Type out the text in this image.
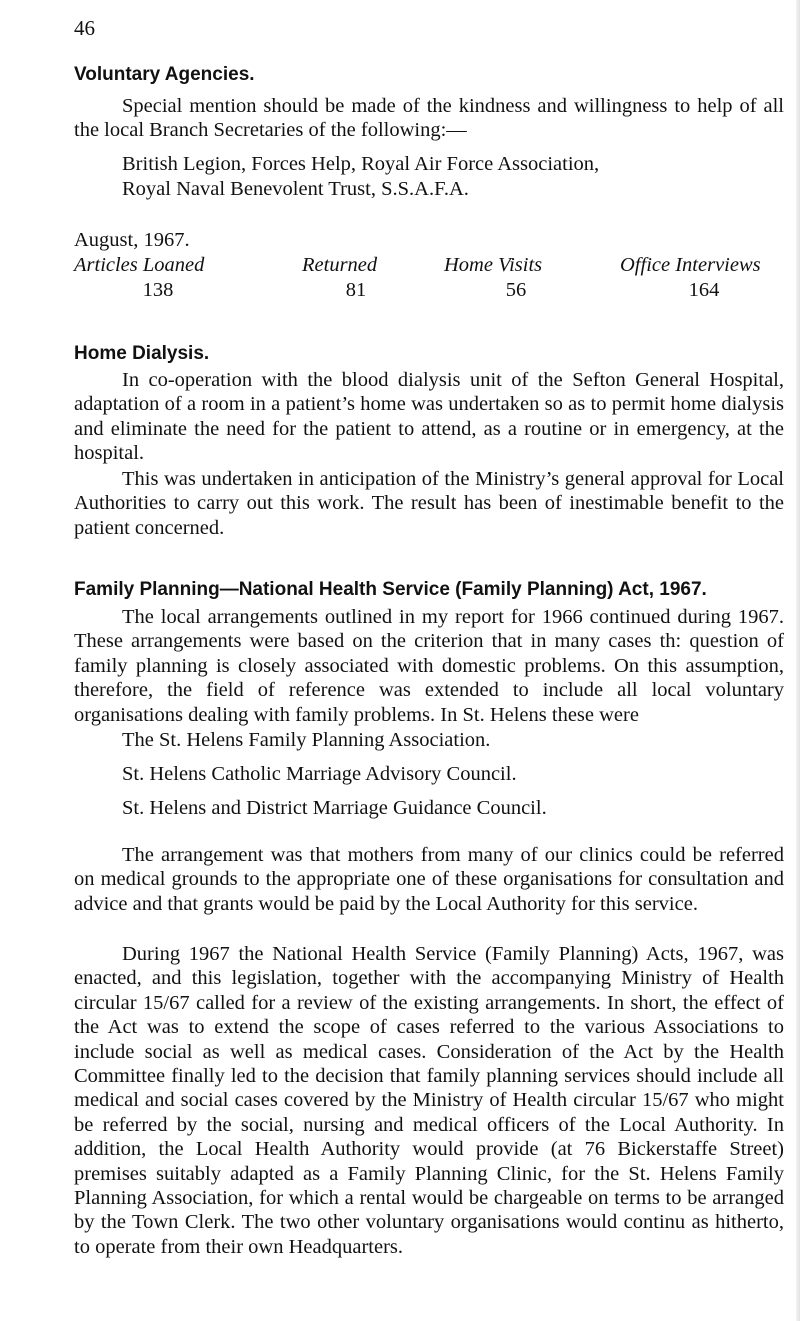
46
Voluntary Agencies.
Special mention should be made of the kindness and willingness to help of all the local Branch Secretaries of the following:—
British Legion, Forces Help, Royal Air Force Association,
Royal Naval Benevolent Trust, S.S.A.F.A.
August, 1967.
Articles Loaned	Returned	Home Visits	Office Interviews
138	81	56	164
Home Dialysis.
In co-operation with the blood dialysis unit of the Sefton General Hospital, adaptation of a room in a patient’s home was undertaken so as to permit home dialysis and eliminate the need for the patient to attend, as a routine or in emergency, at the hospital.
This was undertaken in anticipation of the Ministry’s general approval for Local Authorities to carry out this work. The result has been of inestimable benefit to the patient concerned.
Family Planning—National Health Service (Family Planning) Act, 1967.
The local arrangements outlined in my report for 1966 continued during 1967. These arrangements were based on the criterion that in many cases th: question of family planning is closely associated with domestic problems. On this assumption, therefore, the field of reference was extended to include all local voluntary organisations dealing with family problems. In St. Helens these were
The St. Helens Family Planning Association.
St. Helens Catholic Marriage Advisory Council.
St. Helens and District Marriage Guidance Council.
The arrangement was that mothers from many of our clinics could be referred on medical grounds to the appropriate one of these organisations for consultation and advice and that grants would be paid by the Local Authority for this service.
During 1967 the National Health Service (Family Planning) Acts, 1967, was enacted, and this legislation, together with the accompanying Ministry of Health circular 15/67 called for a review of the existing arrangements. In short, the effect of the Act was to extend the scope of cases referred to the various Associations to include social as well as medical cases. Consideration of the Act by the Health Committee finally led to the decision that family planning services should include all medical and social cases covered by the Ministry of Health circular 15/67 who might be referred by the social, nursing and medical officers of the Local Authority. In addition, the Local Health Authority would provide (at 76 Bickerstaffe Street) premises suitably adapted as a Family Planning Clinic, for the St. Helens Family Planning Association, for which a rental would be chargeable on terms to be arranged by the Town Clerk. The two other voluntary organisations would continu as hitherto, to operate from their own Headquarters.
